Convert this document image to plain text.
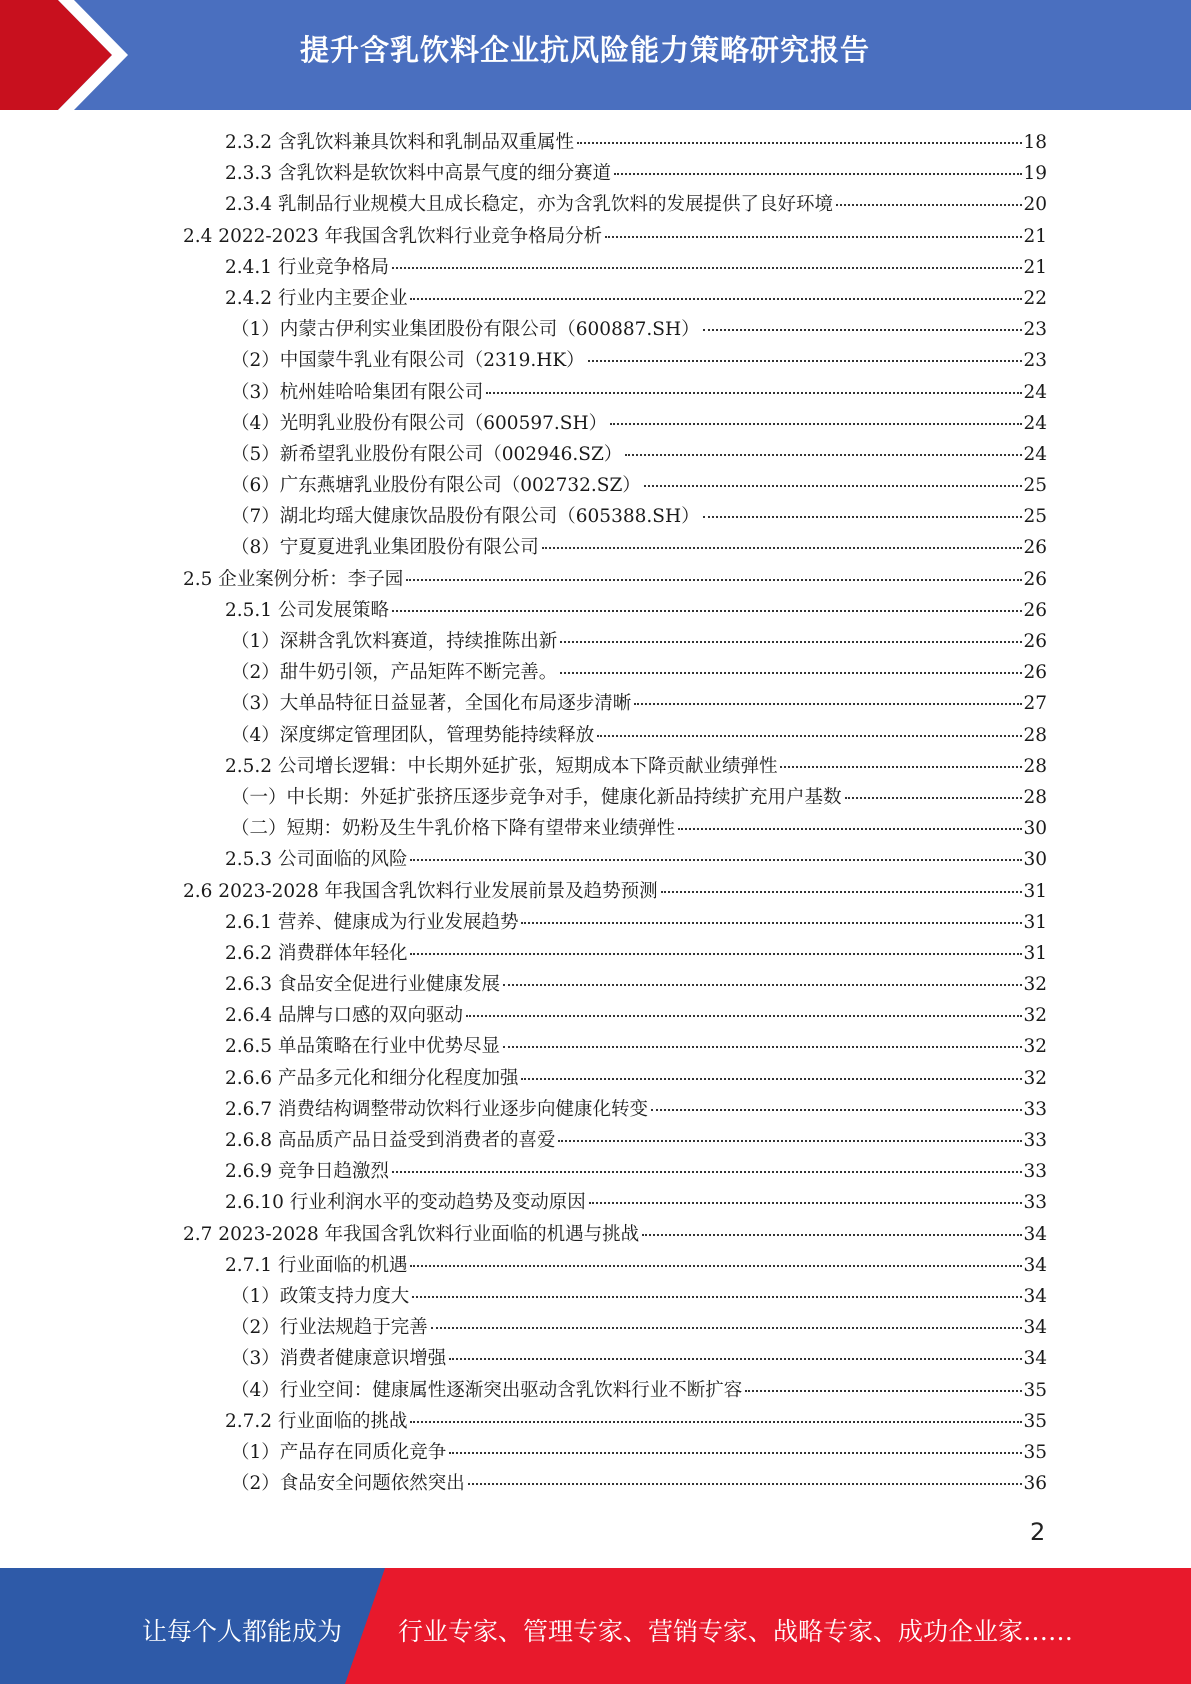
提升含乳饮料企业抗风险能力策略研究报告
2.3.2 含乳饮料兼具饮料和乳制品双重属性	18
2.3.3 含乳饮料是软饮料中高景气度的细分赛道	19
2.3.4 乳制品行业规模大且成长稳定，亦为含乳饮料的发展提供了良好环境	20
2.4 2022-2023 年我国含乳饮料行业竞争格局分析	21
2.4.1 行业竞争格局	21
2.4.2 行业内主要企业	22
（1）内蒙古伊利实业集团股份有限公司（600887.SH）	23
（2）中国蒙牛乳业有限公司（2319.HK）	23
（3）杭州娃哈哈集团有限公司	24
（4）光明乳业股份有限公司（600597.SH）	24
（5）新希望乳业股份有限公司（002946.SZ）	24
（6）广东燕塘乳业股份有限公司（002732.SZ）	25
（7）湖北均瑶大健康饮品股份有限公司（605388.SH）	25
（8）宁夏夏进乳业集团股份有限公司	26
2.5 企业案例分析：李子园	26
2.5.1 公司发展策略	26
（1）深耕含乳饮料赛道，持续推陈出新	26
（2）甜牛奶引领，产品矩阵不断完善。	26
（3）大单品特征日益显著，全国化布局逐步清晰	27
（4）深度绑定管理团队，管理势能持续释放	28
2.5.2 公司增长逻辑：中长期外延扩张，短期成本下降贡献业绩弹性	28
（一）中长期：外延扩张挤压逐步竞争对手，健康化新品持续扩充用户基数	28
（二）短期：奶粉及生牛乳价格下降有望带来业绩弹性	30
2.5.3 公司面临的风险	30
2.6 2023-2028 年我国含乳饮料行业发展前景及趋势预测	31
2.6.1 营养、健康成为行业发展趋势	31
2.6.2 消费群体年轻化	31
2.6.3 食品安全促进行业健康发展	32
2.6.4 品牌与口感的双向驱动	32
2.6.5 单品策略在行业中优势尽显	32
2.6.6 产品多元化和细分化程度加强	32
2.6.7 消费结构调整带动饮料行业逐步向健康化转变	33
2.6.8 高品质产品日益受到消费者的喜爱	33
2.6.9 竞争日趋激烈	33
2.6.10 行业利润水平的变动趋势及变动原因	33
2.7 2023-2028 年我国含乳饮料行业面临的机遇与挑战	34
2.7.1 行业面临的机遇	34
（1）政策支持力度大	34
（2）行业法规趋于完善	34
（3）消费者健康意识增强	34
（4）行业空间：健康属性逐渐突出驱动含乳饮料行业不断扩容	35
2.7.2 行业面临的挑战	35
（1）产品存在同质化竞争	35
（2）食品安全问题依然突出	36
2
让每个人都能成为 行业专家、管理专家、营销专家、战略专家、成功企业家……
